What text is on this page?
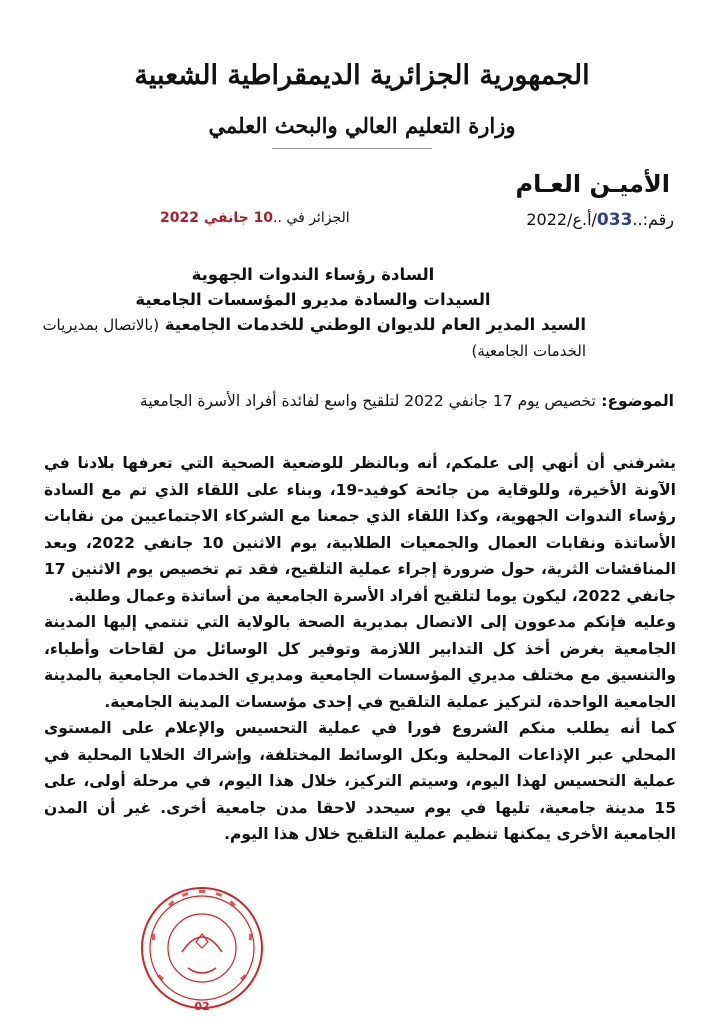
الجمهورية الجزائرية الديمقراطية الشعبية
وزارة التعليم العالي والبحث العلمي
الأميـن العـام
رقم:..033/أ.ع/2022
الجزائر في ..10 جانفي 2022
السادة رؤساء الندوات الجهوية
السيدات والسادة مديرو المؤسسات الجامعية
السيد المدير العام للديوان الوطني للخدمات الجامعية (بالاتصال بمديريات الخدمات الجامعية)
الموضوع: تخصيص يوم 17 جانفي 2022 لتلقيح واسع لفائدة أفراد الأسرة الجامعية

يشرفني أن أنهي إلى علمكم، أنه وبالنظر للوضعية الصحية التي تعرفها بلادنا في الآونة الأخيرة، وللوقاية من جائحة كوفيد-19، وبناء على اللقاء الذي تم مع السادة رؤساء الندوات الجهوية، وكذا اللقاء الذي جمعنا مع الشركاء الاجتماعيين من نقابات الأساتذة ونقابات العمال والجمعيات الطلابية، يوم الاثنين 10 جانفي 2022، وبعد المناقشات الثرية، حول ضرورة إجراء عملية التلقيح، فقد تم تخصيص يوم الاثنين 17 جانفي 2022، ليكون يوما لتلقيح أفراد الأسرة الجامعية من أساتذة وعمال وطلبة.

وعليه فإنكم مدعوون إلى الاتصال بمديرية الصحة بالولاية التي تنتمي إليها المدينة الجامعية بغرض أخذ كل التدابير اللازمة وتوفير كل الوسائل من لقاحات وأطباء، والتنسيق مع مختلف مديري المؤسسات الجامعية ومديري الخدمات الجامعية بالمدينة الجامعية الواحدة، لتركيز عملية التلقيح في إحدى مؤسسات المدينة الجامعية.

كما أنه يطلب منكم الشروع فورا في عملية التحسيس والإعلام على المستوى المحلي عبر الإذاعات المحلية وبكل الوسائط المختلفة، وإشراك الخلايا المحلية في عملية التحسيس لهذا اليوم، وسيتم التركيز، خلال هذا اليوم، في مرحلة أولى، على 15 مدينة جامعية، تليها في يوم سيحدد لاحقا مدن جامعية أخرى. غير أن المدن الجامعية الأخرى يمكنها تنظيم عملية التلقيح خلال هذا اليوم.

02
